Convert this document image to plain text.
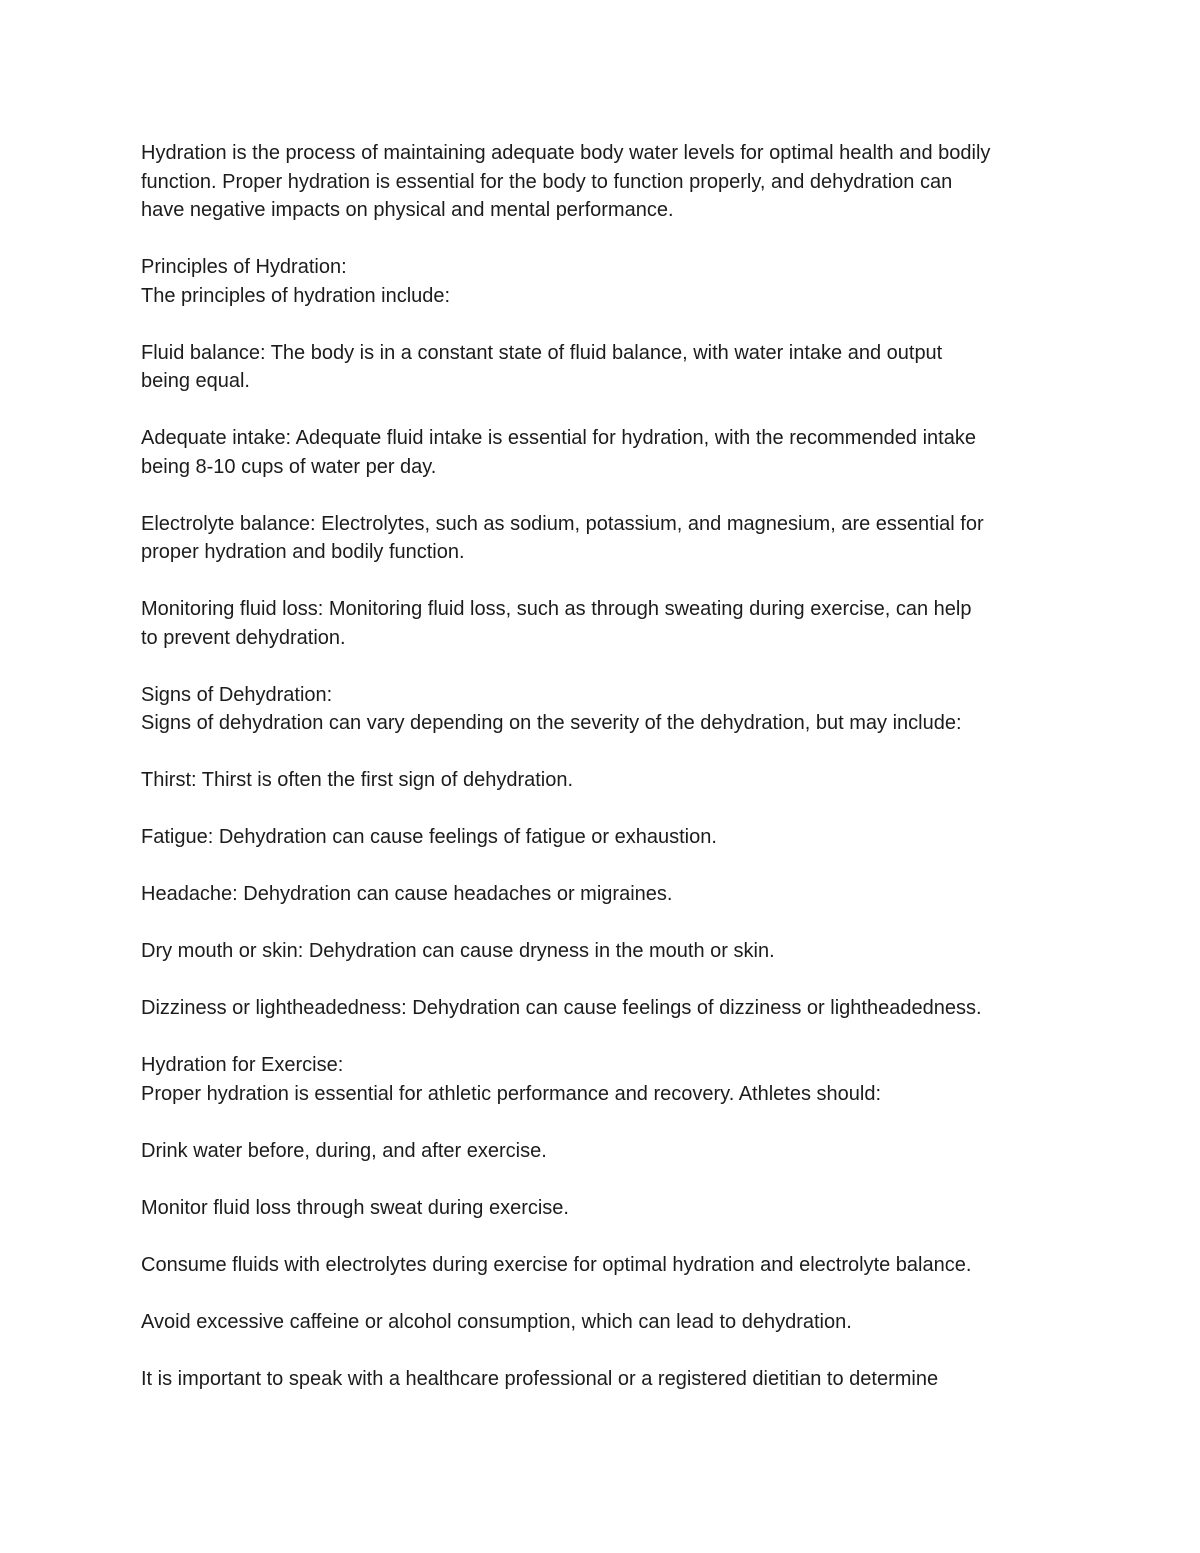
Hydration is the process of maintaining adequate body water levels for optimal health and bodily
function. Proper hydration is essential for the body to function properly, and dehydration can
have negative impacts on physical and mental performance.

Principles of Hydration:
The principles of hydration include:

Fluid balance: The body is in a constant state of fluid balance, with water intake and output
being equal.

Adequate intake: Adequate fluid intake is essential for hydration, with the recommended intake
being 8-10 cups of water per day.

Electrolyte balance: Electrolytes, such as sodium, potassium, and magnesium, are essential for
proper hydration and bodily function.

Monitoring fluid loss: Monitoring fluid loss, such as through sweating during exercise, can help
to prevent dehydration.

Signs of Dehydration:
Signs of dehydration can vary depending on the severity of the dehydration, but may include:

Thirst: Thirst is often the first sign of dehydration.

Fatigue: Dehydration can cause feelings of fatigue or exhaustion.

Headache: Dehydration can cause headaches or migraines.

Dry mouth or skin: Dehydration can cause dryness in the mouth or skin.

Dizziness or lightheadedness: Dehydration can cause feelings of dizziness or lightheadedness.

Hydration for Exercise:
Proper hydration is essential for athletic performance and recovery. Athletes should:

Drink water before, during, and after exercise.

Monitor fluid loss through sweat during exercise.

Consume fluids with electrolytes during exercise for optimal hydration and electrolyte balance.

Avoid excessive caffeine or alcohol consumption, which can lead to dehydration.

It is important to speak with a healthcare professional or a registered dietitian to determine
